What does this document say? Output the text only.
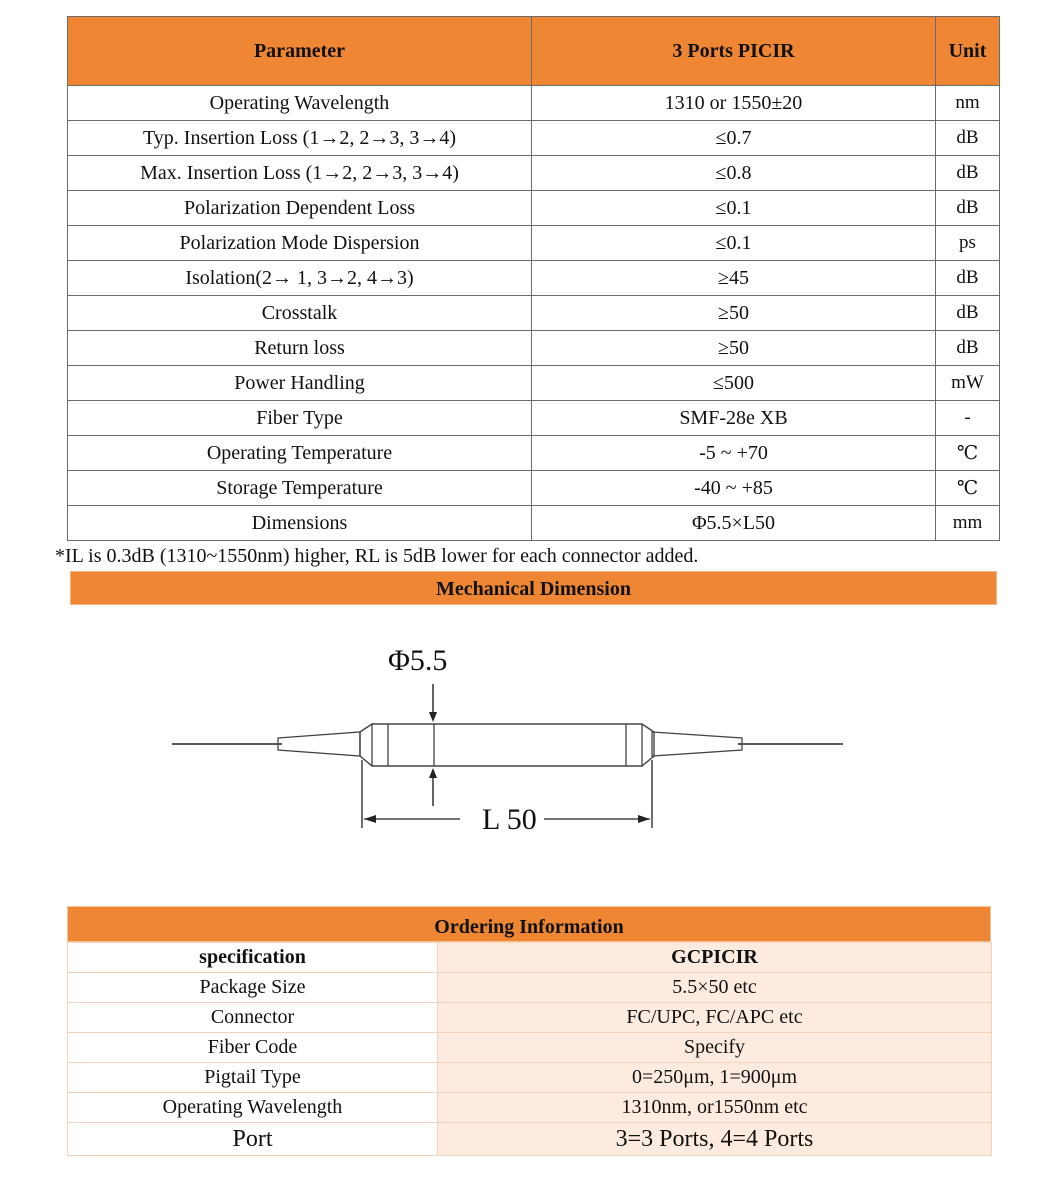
Parameter	3 Ports PICIR	Unit
Operating Wavelength	1310 or 1550±20	nm
Typ. Insertion Loss (1→2, 2→3, 3→4)	≤0.7	dB
Max. Insertion Loss (1→2, 2→3, 3→4)	≤0.8	dB
Polarization Dependent Loss	≤0.1	dB
Polarization Mode Dispersion	≤0.1	ps
Isolation(2→ 1, 3→2, 4→3)	≥45	dB
Crosstalk	≥50	dB
Return loss	≥50	dB
Power Handling	≤500	mW
Fiber Type	SMF-28e XB	-
Operating Temperature	-5 ~ +70	℃
Storage Temperature	-40 ~ +85	℃
Dimensions	Φ5.5×L50	mm
*IL is 0.3dB (1310~1550nm) higher, RL is 5dB lower for each connector added.
Mechanical Dimension
Φ5.5
L 50
Ordering Information
specification	GCPICIR
Package Size	5.5×50 etc
Connector	FC/UPC, FC/APC etc
Fiber Code	Specify
Pigtail Type	0=250μm, 1=900μm
Operating Wavelength	1310nm, or1550nm etc
Port	3=3 Ports, 4=4 Ports
